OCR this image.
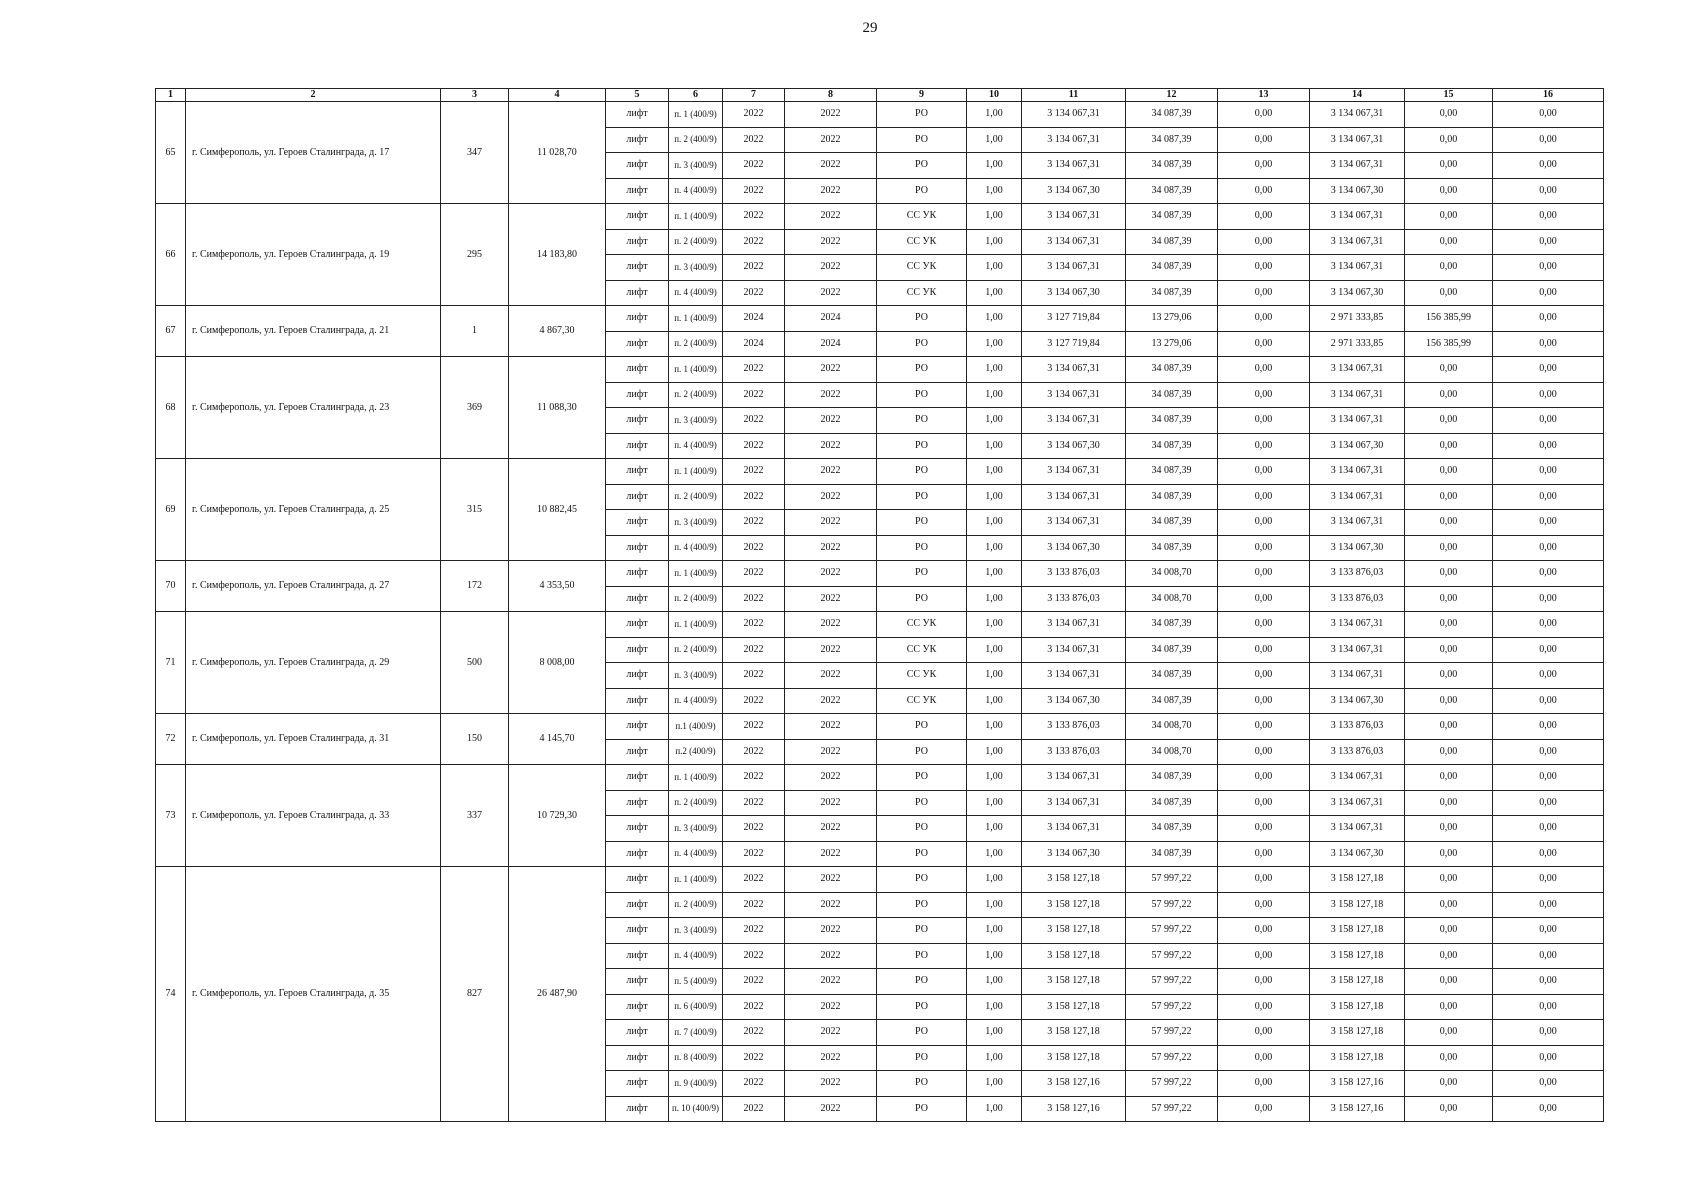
29
1	2	3	4	5	6	7	8	9	10	11	12	13	14	15	16
65	г. Симферополь, ул. Героев Сталинграда, д. 17	347	11 028,70	лифт	п. 1 (400/9)	2022	2022	РО	1,00	3 134 067,31	34 087,39	0,00	3 134 067,31	0,00	0,00
				лифт	п. 2 (400/9)	2022	2022	РО	1,00	3 134 067,31	34 087,39	0,00	3 134 067,31	0,00	0,00
				лифт	п. 3 (400/9)	2022	2022	РО	1,00	3 134 067,31	34 087,39	0,00	3 134 067,31	0,00	0,00
				лифт	п. 4 (400/9)	2022	2022	РО	1,00	3 134 067,30	34 087,39	0,00	3 134 067,30	0,00	0,00
66	г. Симферополь, ул. Героев Сталинграда, д. 19	295	14 183,80	лифт	п. 1 (400/9)	2022	2022	СС УК	1,00	3 134 067,31	34 087,39	0,00	3 134 067,31	0,00	0,00
				лифт	п. 2 (400/9)	2022	2022	СС УК	1,00	3 134 067,31	34 087,39	0,00	3 134 067,31	0,00	0,00
				лифт	п. 3 (400/9)	2022	2022	СС УК	1,00	3 134 067,31	34 087,39	0,00	3 134 067,31	0,00	0,00
				лифт	п. 4 (400/9)	2022	2022	СС УК	1,00	3 134 067,30	34 087,39	0,00	3 134 067,30	0,00	0,00
67	г. Симферополь, ул. Героев Сталинграда, д. 21	1	4 867,30	лифт	п. 1 (400/9)	2024	2024	РО	1,00	3 127 719,84	13 279,06	0,00	2 971 333,85	156 385,99	0,00
				лифт	п. 2 (400/9)	2024	2024	РО	1,00	3 127 719,84	13 279,06	0,00	2 971 333,85	156 385,99	0,00
68	г. Симферополь, ул. Героев Сталинграда, д. 23	369	11 088,30	лифт	п. 1 (400/9)	2022	2022	РО	1,00	3 134 067,31	34 087,39	0,00	3 134 067,31	0,00	0,00
				лифт	п. 2 (400/9)	2022	2022	РО	1,00	3 134 067,31	34 087,39	0,00	3 134 067,31	0,00	0,00
				лифт	п. 3 (400/9)	2022	2022	РО	1,00	3 134 067,31	34 087,39	0,00	3 134 067,31	0,00	0,00
				лифт	п. 4 (400/9)	2022	2022	РО	1,00	3 134 067,30	34 087,39	0,00	3 134 067,30	0,00	0,00
69	г. Симферополь, ул. Героев Сталинграда, д. 25	315	10 882,45	лифт	п. 1 (400/9)	2022	2022	РО	1,00	3 134 067,31	34 087,39	0,00	3 134 067,31	0,00	0,00
				лифт	п. 2 (400/9)	2022	2022	РО	1,00	3 134 067,31	34 087,39	0,00	3 134 067,31	0,00	0,00
				лифт	п. 3 (400/9)	2022	2022	РО	1,00	3 134 067,31	34 087,39	0,00	3 134 067,31	0,00	0,00
				лифт	п. 4 (400/9)	2022	2022	РО	1,00	3 134 067,30	34 087,39	0,00	3 134 067,30	0,00	0,00
70	г. Симферополь, ул. Героев Сталинграда, д. 27	172	4 353,50	лифт	п. 1 (400/9)	2022	2022	РО	1,00	3 133 876,03	34 008,70	0,00	3 133 876,03	0,00	0,00
				лифт	п. 2 (400/9)	2022	2022	РО	1,00	3 133 876,03	34 008,70	0,00	3 133 876,03	0,00	0,00
71	г. Симферополь, ул. Героев Сталинграда, д. 29	500	8 008,00	лифт	п. 1 (400/9)	2022	2022	СС УК	1,00	3 134 067,31	34 087,39	0,00	3 134 067,31	0,00	0,00
				лифт	п. 2 (400/9)	2022	2022	СС УК	1,00	3 134 067,31	34 087,39	0,00	3 134 067,31	0,00	0,00
				лифт	п. 3 (400/9)	2022	2022	СС УК	1,00	3 134 067,31	34 087,39	0,00	3 134 067,31	0,00	0,00
				лифт	п. 4 (400/9)	2022	2022	СС УК	1,00	3 134 067,30	34 087,39	0,00	3 134 067,30	0,00	0,00
72	г. Симферополь, ул. Героев Сталинграда, д. 31	150	4 145,70	лифт	п.1 (400/9)	2022	2022	РО	1,00	3 133 876,03	34 008,70	0,00	3 133 876,03	0,00	0,00
				лифт	п.2 (400/9)	2022	2022	РО	1,00	3 133 876,03	34 008,70	0,00	3 133 876,03	0,00	0,00
73	г. Симферополь, ул. Героев Сталинграда, д. 33	337	10 729,30	лифт	п. 1 (400/9)	2022	2022	РО	1,00	3 134 067,31	34 087,39	0,00	3 134 067,31	0,00	0,00
				лифт	п. 2 (400/9)	2022	2022	РО	1,00	3 134 067,31	34 087,39	0,00	3 134 067,31	0,00	0,00
				лифт	п. 3 (400/9)	2022	2022	РО	1,00	3 134 067,31	34 087,39	0,00	3 134 067,31	0,00	0,00
				лифт	п. 4 (400/9)	2022	2022	РО	1,00	3 134 067,30	34 087,39	0,00	3 134 067,30	0,00	0,00
74	г. Симферополь, ул. Героев Сталинграда, д. 35	827	26 487,90	лифт	п. 1 (400/9)	2022	2022	РО	1,00	3 158 127,18	57 997,22	0,00	3 158 127,18	0,00	0,00
				лифт	п. 2 (400/9)	2022	2022	РО	1,00	3 158 127,18	57 997,22	0,00	3 158 127,18	0,00	0,00
				лифт	п. 3 (400/9)	2022	2022	РО	1,00	3 158 127,18	57 997,22	0,00	3 158 127,18	0,00	0,00
				лифт	п. 4 (400/9)	2022	2022	РО	1,00	3 158 127,18	57 997,22	0,00	3 158 127,18	0,00	0,00
				лифт	п. 5 (400/9)	2022	2022	РО	1,00	3 158 127,18	57 997,22	0,00	3 158 127,18	0,00	0,00
				лифт	п. 6 (400/9)	2022	2022	РО	1,00	3 158 127,18	57 997,22	0,00	3 158 127,18	0,00	0,00
				лифт	п. 7 (400/9)	2022	2022	РО	1,00	3 158 127,18	57 997,22	0,00	3 158 127,18	0,00	0,00
				лифт	п. 8 (400/9)	2022	2022	РО	1,00	3 158 127,18	57 997,22	0,00	3 158 127,18	0,00	0,00
				лифт	п. 9 (400/9)	2022	2022	РО	1,00	3 158 127,16	57 997,22	0,00	3 158 127,16	0,00	0,00
				лифт	п. 10 (400/9)	2022	2022	РО	1,00	3 158 127,16	57 997,22	0,00	3 158 127,16	0,00	0,00
